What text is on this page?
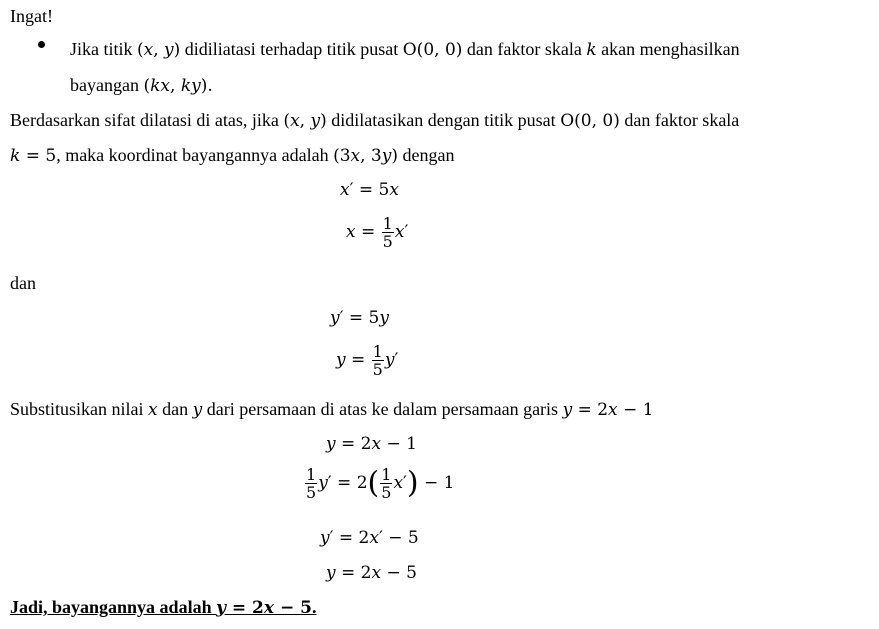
Ingat!
Jika titik (x, y) didiliatasi terhadap titik pusat O(0, 0) dan faktor skala k akan menghasilkan
bayangan (kx, ky).
Berdasarkan sifat dilatasi di atas, jika (x, y) didilatasikan dengan titik pusat O(0, 0) dan faktor skala
k = 5, maka koordinat bayangannya adalah (3x, 3y) dengan
x′ = 5x
$x = \frac{1}{5} x'$
dan
y′ = 5y
$y = \frac{1}{5} y'$
Substitusikan nilai x dan y dari persamaan di atas ke dalam persamaan garis y = 2x − 1
y = 2x − 1
$\frac{1}{5} y' = 2( \frac{1}{5} x') - 1$
y′ = 2x′ − 5
y = 2x − 5
Jadi, bayangannya adalah y = 2x − 5.
